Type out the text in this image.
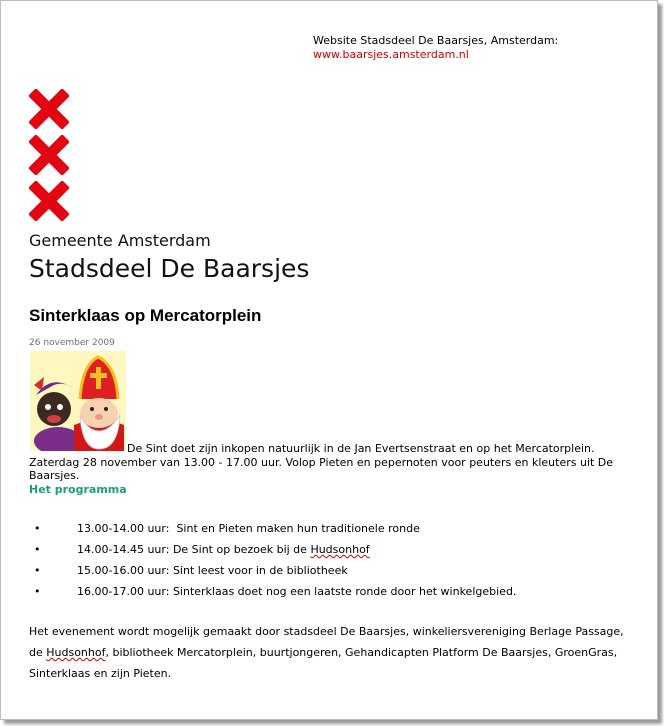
Website Stadsdeel De Baarsjes, Amsterdam:
www.baarsjes.amsterdam.nl
Gemeente Amsterdam
Stadsdeel De Baarsjes
Sinterklaas op Mercatorplein
26 november 2009
De Sint doet zijn inkopen natuurlijk in de Jan Evertsenstraat en op het Mercatorplein.
Zaterdag 28 november van 13.00 - 17.00 uur. Volop Pieten en pepernoten voor peuters en kleuters uit De Baarsjes.
Het programma
•	13.00-14.00 uur: Sint en Pieten maken hun traditionele ronde
•	14.00-14.45 uur: De Sint op bezoek bij de Hudsonhof
•	15.00-16.00 uur: Sint leest voor in de bibliotheek
•	16.00-17.00 uur: Sinterklaas doet nog een laatste ronde door het winkelgebied.
Het evenement wordt mogelijk gemaakt door stadsdeel De Baarsjes, winkeliersvereniging Berlage Passage, de Hudsonhof, bibliotheek Mercatorplein, buurtjongeren, Gehandicapten Platform De Baarsjes, GroenGras, Sinterklaas en zijn Pieten.
